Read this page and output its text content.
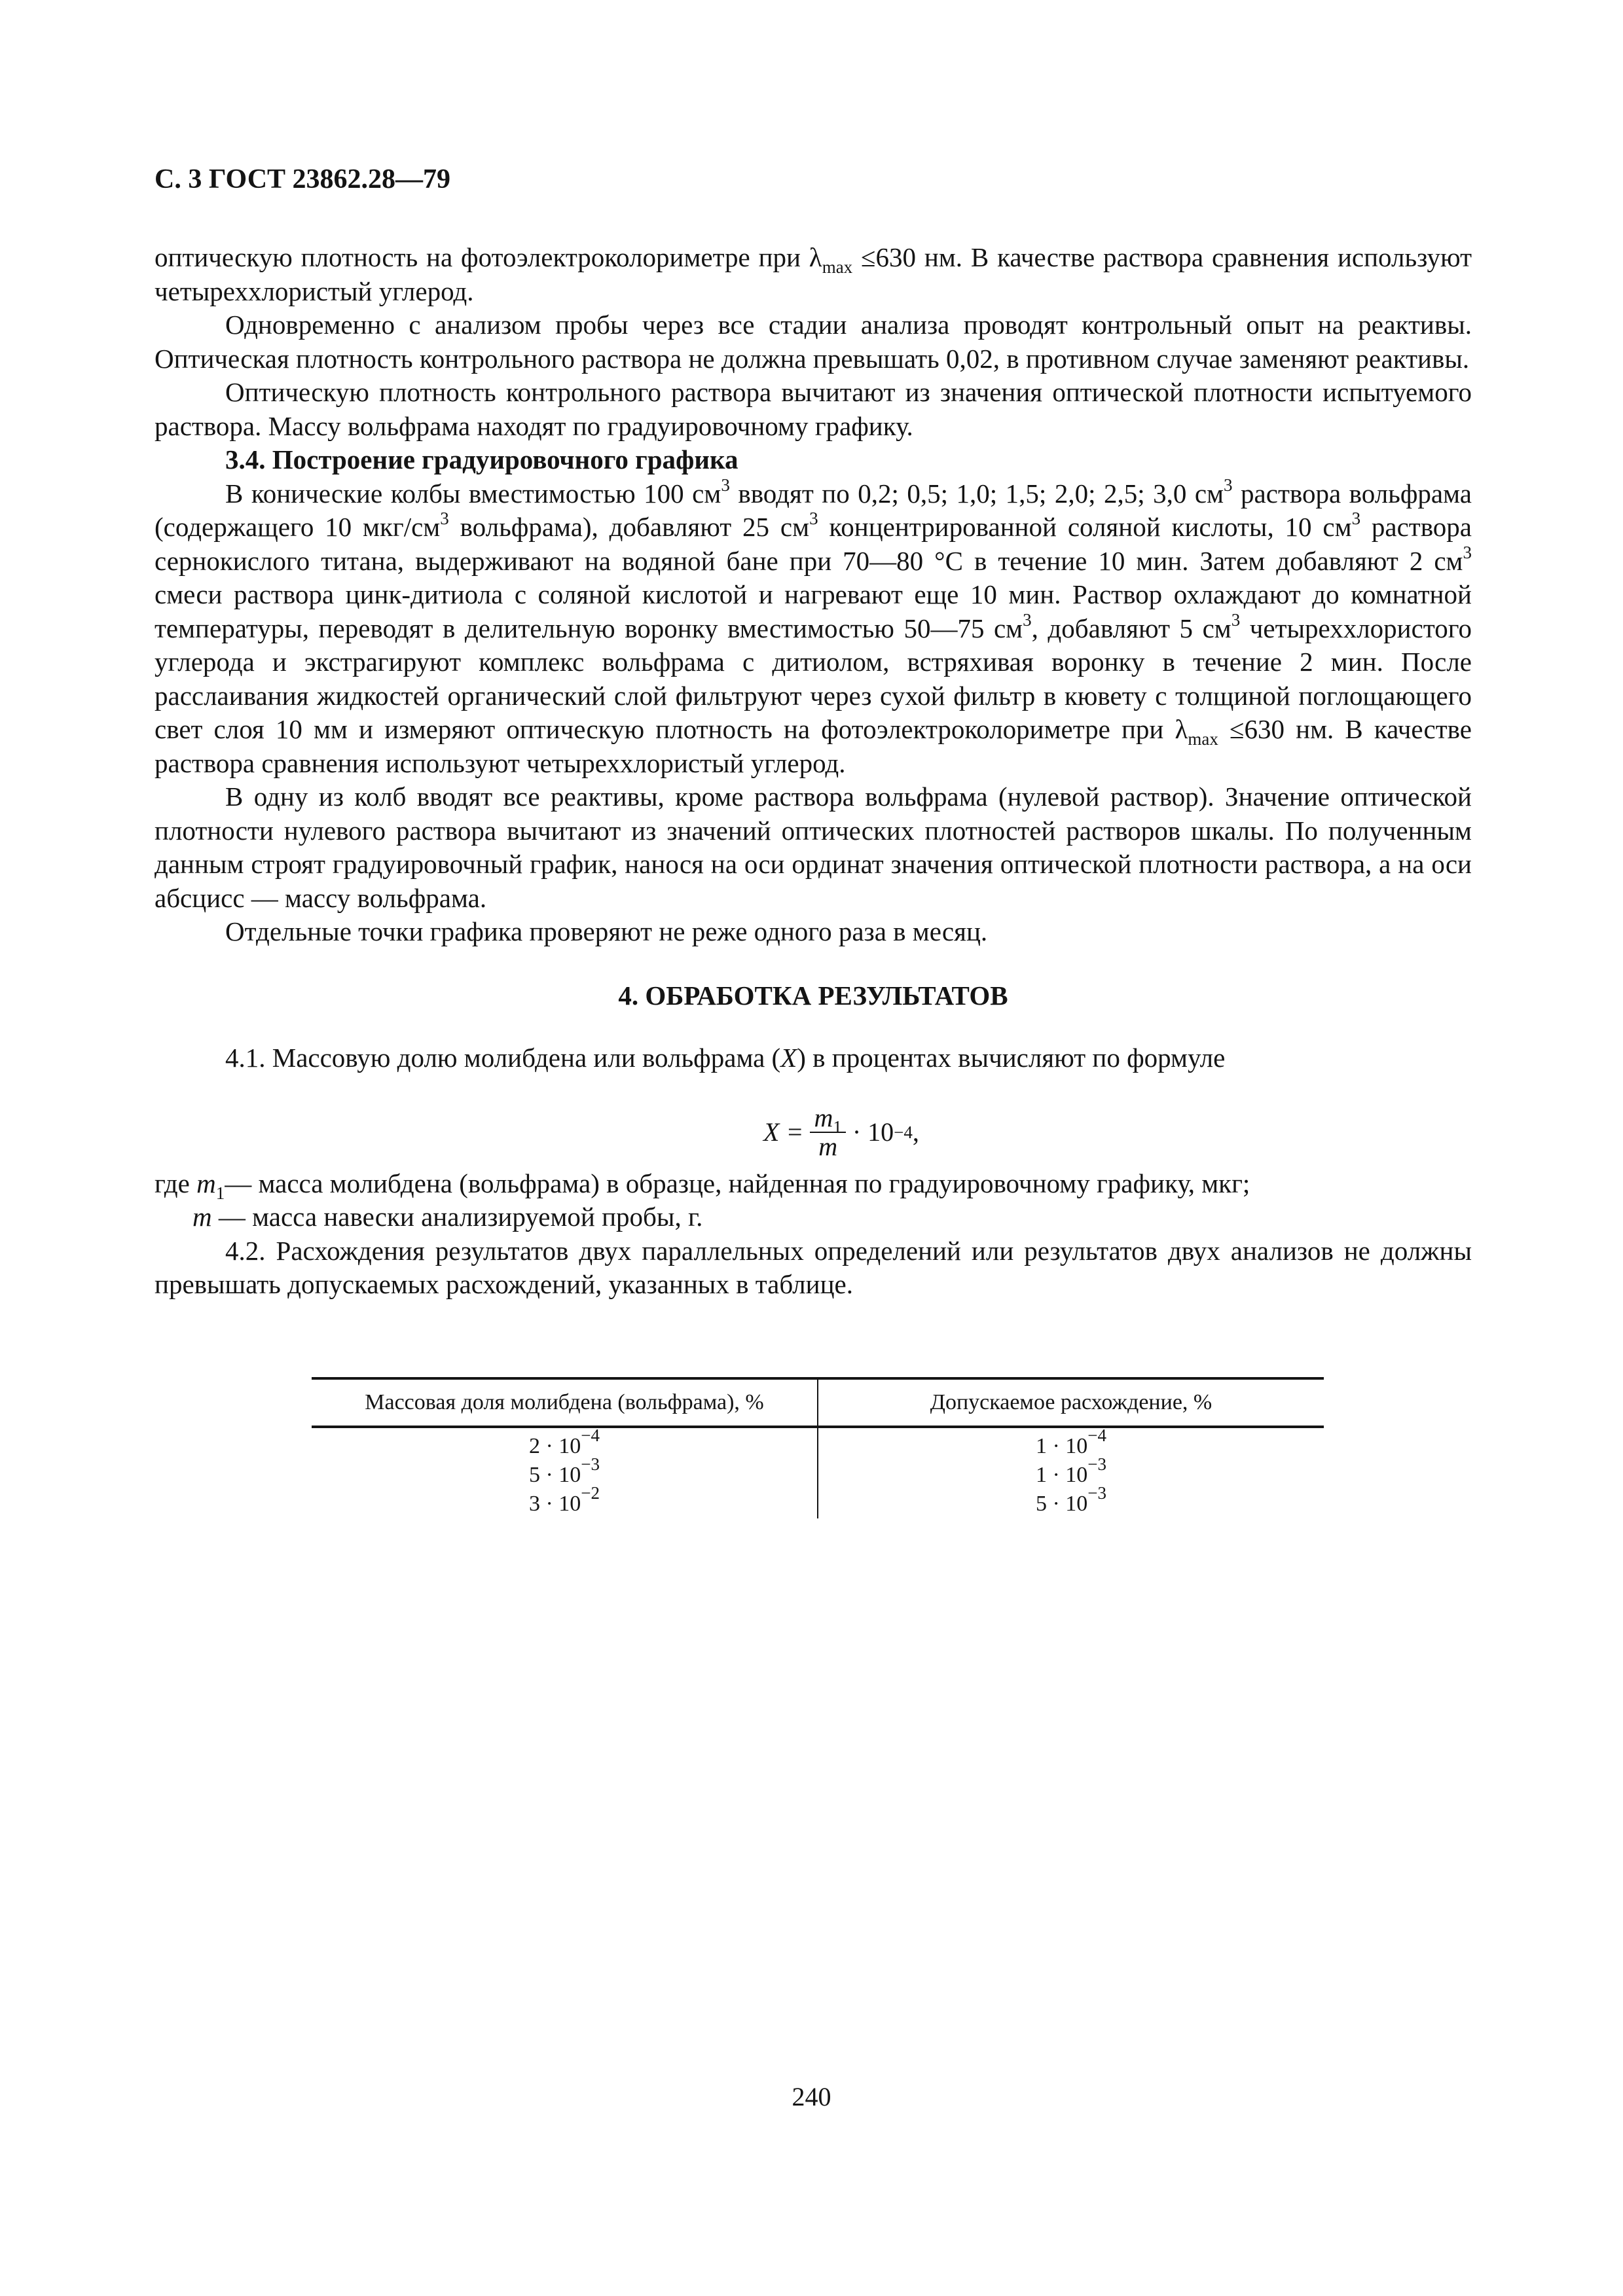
С. 3 ГОСТ 23862.28—79

оптическую плотность на фотоэлектроколориметре при $\lambda_{max} \le 630$ нм. В качестве раствора сравнения используют четыреххлористый углерод.

Одновременно с анализом пробы через все стадии анализа проводят контрольный опыт на реактивы. Оптическая плотность контрольного раствора не должна превышать 0,02, в противном случае заменяют реактивы.

Оптическую плотность контрольного раствора вычитают из значения оптической плотности испытуемого раствора. Массу вольфрама находят по градуировочному графику.

3.4. Построение градуировочного графика

В конические колбы вместимостью 100 $см^3$ вводят по 0,2; 0,5; 1,0; 1,5; 2,0; 2,5; 3,0 $см^3$ раствора вольфрама (содержащего 10 мкг/$см^3$ вольфрама), добавляют 25 $см^3$ концентрированной соляной кислоты, 10 $см^3$ раствора сернокислого титана, выдерживают на водяной бане при 70—80 °С в течение 10 мин. Затем добавляют 2 $см^3$ смеси раствора цинк-дитиола с соляной кислотой и нагревают еще 10 мин. Раствор охлаждают до комнатной температуры, переводят в делительную воронку вместимостью 50—75 $см^3$, добавляют 5 $см^3$ четыреххлористого углерода и экстрагируют комплекс вольфрама с дитиолом, встряхивая воронку в течение 2 мин. После расслаивания жидкостей органический слой фильтруют через сухой фильтр в кювету с толщиной поглощающего свет слоя 10 мм и измеряют оптическую плотность на фотоэлектроколориметре при $\lambda_{max} \le 630$ нм. В качестве раствора сравнения используют четыреххлористый углерод.

В одну из колб вводят все реактивы, кроме раствора вольфрама (нулевой раствор). Значение оптической плотности нулевого раствора вычитают из значений оптических плотностей растворов шкалы. По полученным данным строят градуировочный график, нанося на оси ординат значения оптической плотности раствора, а на оси абсцисс — массу вольфрама.

Отдельные точки графика проверяют не реже одного раза в месяц.

4. ОБРАБОТКА РЕЗУЛЬТАТОВ

4.1. Массовую долю молибдена или вольфрама (X) в процентах вычисляют по формуле

$X = \frac{m_1}{m} \cdot 10 -4$ ,

где $m_1—$ масса молибдена (вольфрама) в образце, найденная по градуировочному графику, мкг;

m — масса навески анализируемой пробы, г.

4.2. Расхождения результатов двух параллельных определений или результатов двух анализов не должны превышать допускаемых расхождений, указанных в таблице.

Массовая доля молибдена (вольфрама), %	Допускаемое расхождение, %

$2 \cdot 10^{-4}$	$1 \cdot 10^{-4}$
$5 \cdot 10^{-3}$	$1 \cdot 10^{-3}$
$3 \cdot 10^{-2}$	$5 \cdot 10^{-3}$
240
